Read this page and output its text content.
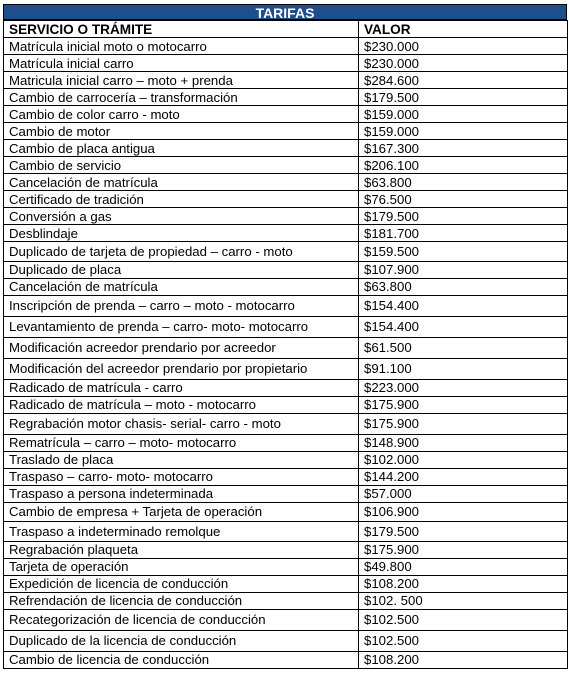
TARIFAS
SERVICIO O TRÁMITE	VALOR
Matrícula inicial moto o motocarro	$230.000
Matrícula inicial carro	$230.000
Matricula inicial carro – moto + prenda	$284.600
Cambio de carrocería – transformación	$179.500
Cambio de color carro - moto	$159.000
Cambio de motor	$159.000
Cambio de placa antigua	$167.300
Cambio de servicio	$206.100
Cancelación de matrícula	$63.800
Certificado de tradición	$76.500
Conversión a gas	$179.500
Desblindaje	$181.700
Duplicado de tarjeta de propiedad – carro - moto	$159.500
Duplicado de placa	$107.900
Cancelación de matrícula	$63.800
Inscripción de prenda – carro – moto - motocarro	$154.400
Levantamiento de prenda – carro- moto- motocarro	$154.400
Modificación acreedor prendario por acreedor	$61.500
Modificación del acreedor prendario por propietario	$91.100
Radicado de matrícula - carro	$223.000
Radicado de matrícula – moto - motocarro	$175.900
Regrabación motor chasis- serial- carro - moto	$175.900
Rematrícula – carro – moto- motocarro	$148.900
Traslado de placa	$102.000
Traspaso – carro- moto- motocarro	$144.200
Traspaso a persona indeterminada	$57.000
Cambio de empresa + Tarjeta de operación	$106.900
Traspaso a indeterminado remolque	$179.500
Regrabación plaqueta	$175.900
Tarjeta de operación	$49.800
Expedición de licencia de conducción	$108.200
Refrendación de licencia de conducción	$102. 500
Recategorización de licencia de conducción	$102.500
Duplicado de la licencia de conducción	$102.500
Cambio de licencia de conducción	$108.200
